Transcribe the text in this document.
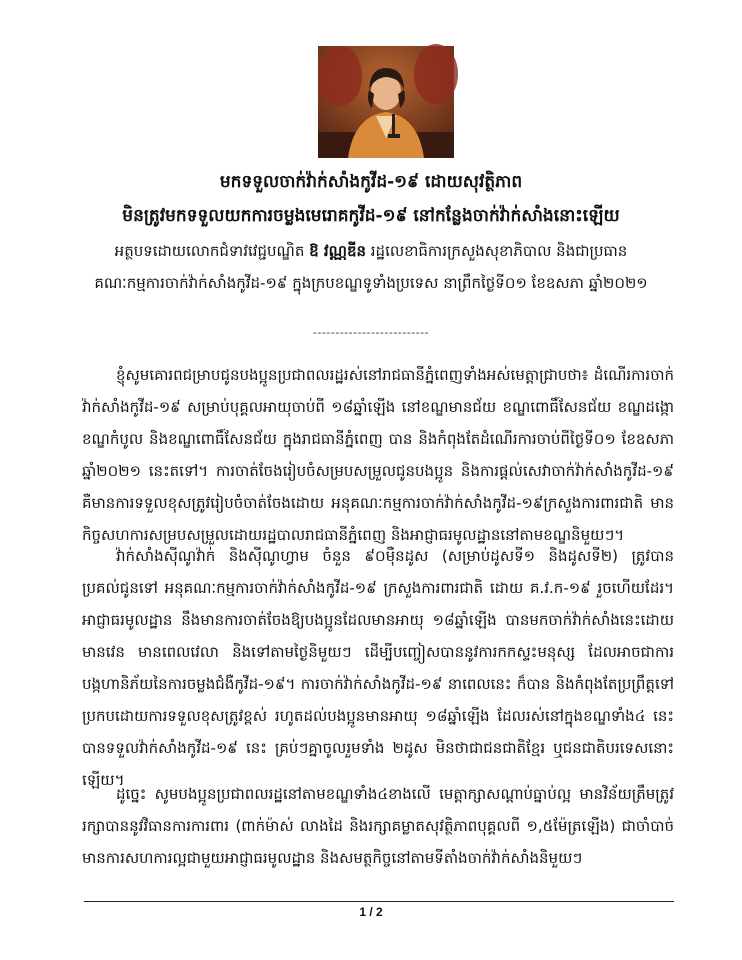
មកទទួលចាក់វ៉ាក់សាំងកូវីដ-១៩ ដោយសុវត្ថិភាព
មិនត្រូវមកទទួលយកការចម្លងមេរោគកូវីដ-១៩ នៅកន្លែងចាក់វ៉ាក់សាំងនោះឡើយ
អត្ថបទដោយលោកជំទាវវេជ្ជបណ្ឌិត ឱ វណ្ណឌីន រដ្ឋលេខាធិការក្រសួងសុខាភិបាល និងជាប្រធាន
គណៈកម្មការចាក់វ៉ាក់សាំងកូវីដ-១៩ ក្នុងក្របខណ្ឌទូទាំងប្រទេស នាព្រឹកថ្ងៃទី០១ ខែឧសភា ឆ្នាំ២០២១
--------------------------

ខ្ញុំសូមគោរពជម្រាបជូនបងប្អូនប្រជាពលរដ្ឋរស់នៅរាជធានីភ្នំពេញទាំងអស់មេត្តាជ្រាបថា៖ ដំណើរការចាក់វ៉ាក់សាំងកូវីដ-១៩ សម្រាប់បុគ្គលអាយុចាប់ពី ១៨ឆ្នាំឡើង នៅខណ្ឌមានជ័យ ខណ្ឌពោធិ៍សែនជ័យ ខណ្ឌដង្កោ ខណ្ឌកំបូល និងខណ្ឌពោធិ៍សែនជ័យ ក្នុងរាជធានីភ្នំពេញ បាន និងកំពុងតែដំណើរការចាប់ពីថ្ងៃទី០១ ខែឧសភា ឆ្នាំ២០២១ នេះតទៅ។ ការចាត់ចែងរៀបចំសម្របសម្រួលជូនបងប្អូន និងការផ្តល់សេវាចាក់វ៉ាក់សាំងកូវីដ-១៩ គឺមានការទទួលខុសត្រូវរៀបចំចាត់ចែងដោយ អនុគណៈកម្មការចាក់វ៉ាក់សាំងកូវីដ-១៩ក្រសួងការពារជាតិ មានកិច្ចសហការសម្របសម្រួលដោយរដ្ឋបាលរាជធានីភ្នំពេញ និងអាជ្ញាធរមូលដ្ឋាននៅតាមខណ្ឌនិមួយៗ។

វ៉ាក់សាំងស៊ីណូវ៉ាក់ និងស៊ីណូហ្វាម ចំនួន ៩០ម៉ឺនដូស (សម្រាប់ដូសទី១ និងដូសទី២) ត្រូវបានប្រគល់ជូនទៅ អនុគណៈកម្មការចាក់វ៉ាក់សាំងកូវីដ-១៩ ក្រសួងការពារជាតិ ដោយ គ.វ.ក-១៩ រួចហើយដែរ។ អាជ្ញាធរមូលដ្ឋាន នឹងមានការចាត់ចែងឱ្យបងប្អូនដែលមានអាយុ ១៨ឆ្នាំឡើង បានមកចាក់វ៉ាក់សាំងនេះដោយមានវេន មានពេលវេលា និងទៅតាមថ្ងៃនិមួយៗ ដើម្បីបញ្ចៀសបាននូវការកកស្ទះមនុស្ស ដែលអាចជាការបង្កហានិភ័យនៃការចម្លងជំងឺកូវីដ-១៩។ ការចាក់វ៉ាក់សាំងកូវីដ-១៩ នាពេលនេះ ក៏បាន និងកំពុងតែប្រព្រឹត្តទៅប្រកបដោយការទទួលខុសត្រូវខ្ពស់ រហូតដល់បងប្អូនមានអាយុ ១៨ឆ្នាំឡើង ដែលរស់នៅក្នុងខណ្ឌទាំង៤ នេះ បានទទួលវ៉ាក់សាំងកូវីដ-១៩ នេះ គ្រប់ៗគ្នាចូលរួមទាំង ២ដូស មិនថាជាជនជាតិខ្មែរ ឬជនជាតិបរទេសនោះឡើយ។

ដូច្នេះ សូមបងប្អូនប្រជាពលរដ្ឋនៅតាមខណ្ឌទាំង៤ខាងលើ មេត្តាក្សាសណ្តាប់ធ្នាប់ល្អ មានវិន័យត្រឹមត្រូវ រក្សាបាននូវវិធានការការពារ (ពាក់ម៉ាស់ លាងដៃ និងរក្សាគម្លាតសុវត្ថិភាពបុគ្គលពី ១,៥ម៉ែត្រឡើង) ជាចាំបាច់ មានការសហការល្អជាមួយអាជ្ញាធរមូលដ្ឋាន និងសមត្ថកិច្ចនៅតាមទីតាំងចាក់វ៉ាក់សាំងនិមួយៗ

1 / 2
